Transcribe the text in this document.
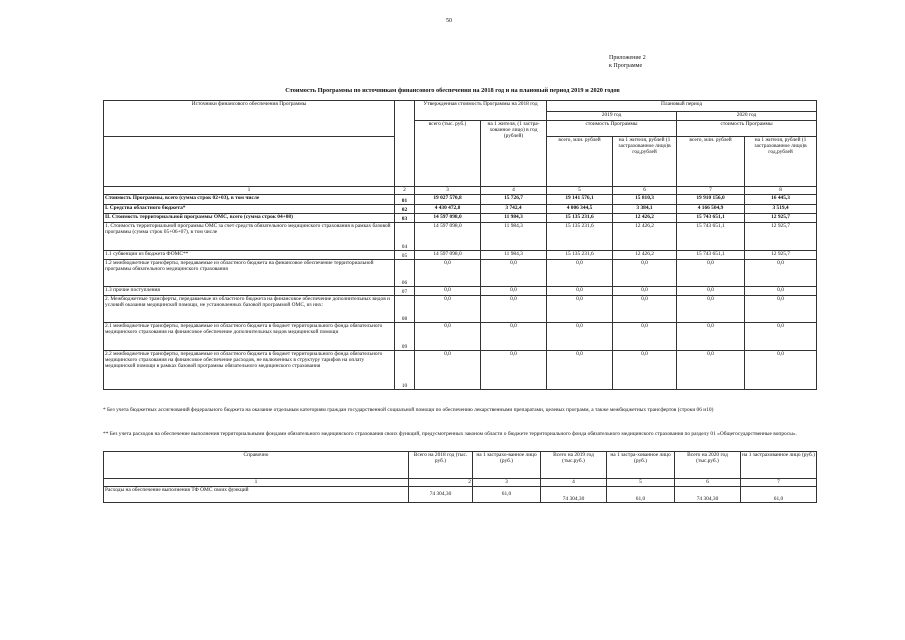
50
Приложение 2
к Программе
Стоимость Программы по источникам финансового обеспечения на 2018 год и на плановый период 2019 и 2020 годов
Источники финансового обеспечения Программы		Утвержденная стоимость Программы на 2018 год		Плановый период			
				2019 год		2020 год	
		всего (тыс. руб.)	на 1 жителя, (1 застра-хованное лицо) в год (рублей)	стоимость Программы		стоимость Программы	
				всего, млн. рублей	на 1 жителя, рублей (1 застрахованное лицо)в год,рублей	всего, млн. рублей	на 1 жителя, рублей (1 застрахованное лицо)в год,рублей
1	2	3	4	5	6	7	8
Стоимость Программы, всего (сумма строк 02+03), в том числе	01	19 027 570,8	15 726,7	19 141 576,1	15 810,3	19 910 156,0	16 445,3
I. Средства областного бюджета*	02	4 430 472,8	3 742,4	4 006 344,5	3 384,1	4 166 504,9	3 519,4
II. Стоимость территориальной программы ОМС, всего (сумма строк 04+08)	03	14 597 098,0	11 984,3	15 135 231,6	12 426,2	15 743 651,1	12 925,7
1. Стоимость территориальной программы ОМС за счет средств обязательного медицинского страхования в рамках базовой программы (сумма строк 05+06+07), в том числе	04	14 597 098,0	11 984,3	15 135 231,6	12 426,2	15 743 651,1	12 925,7
1.1 субвенции из бюджета ФОМС**	05	14 597 098,0	11 984,3	15 135 231,6	12 426,2	15 743 651,1	12 925,7
1.2 межбюджетные трансферты, передаваемые из областного бюджета на финансовое обеспечение территориальной программы обязательного медицинского страхования	06	0,0	0,0	0,0	0,0	0,0	0,0
1.3 прочие поступления	07	0,0	0,0	0,0	0,0	0,0	0,0
2. Межбюджетные трансферты, передаваемые из областного бюджета на финансовое обеспечение дополнительных видов и условий оказания медицинской помощи, не установленных базовой программой ОМС, из них:	08	0,0	0,0	0,0	0,0	0,0	0,0
2.1 межбюджетные трансферты, передаваемые из областного бюджета в бюджет территориального фонда обязательного медицинского страхования на финансовое обеспечение дополнительных видов медицинской помощи	09	0,0	0,0	0,0	0,0	0,0	0,0
2.2 межбюджетные трансферты, передаваемые из областного бюджета в бюджет территориального фонда обязательного медицинского страхования на финансовое обеспечение расходов, не включенных в структуру тарифов на оплату медицинской помощи в рамках базовой программы обязательного медицинского страхования	10	0,0	0,0	0,0	0,0	0,0	0,0
* Без учета бюджетных ассигнований федерального бюджета на оказание отдельным категориям граждан государственной социальной помощи по обеспечению лекарственными препаратами, целевых программ, а также межбюджетных трансфертов (строки 06 и10)
** Без учета расходов на обеспечение выполнения территориальными фондами обязательного медицинского страхования своих функций, предусмотренных законом области о бюджете территориального фонда обязательного медицинского страхования по разделу 01 «Общегосударственные вопросы».
Справочно	Всего на 2018 год (тыс. руб.)	на 1 застрахо-ванное лицо (руб.)	Всего на 2019 год (тыс.руб.)	на 1 застра-хованное лицо (руб.)	Всего на 2020 год (тыс.руб.)	на 1 застрахованное лицо (руб.)
1	2	3	4	5	6	7
Расходы на обеспечение выполнения ТФ ОМС своих функций	74 304,30	61,0	74 304,30	61,0	74 304,30	61,0
